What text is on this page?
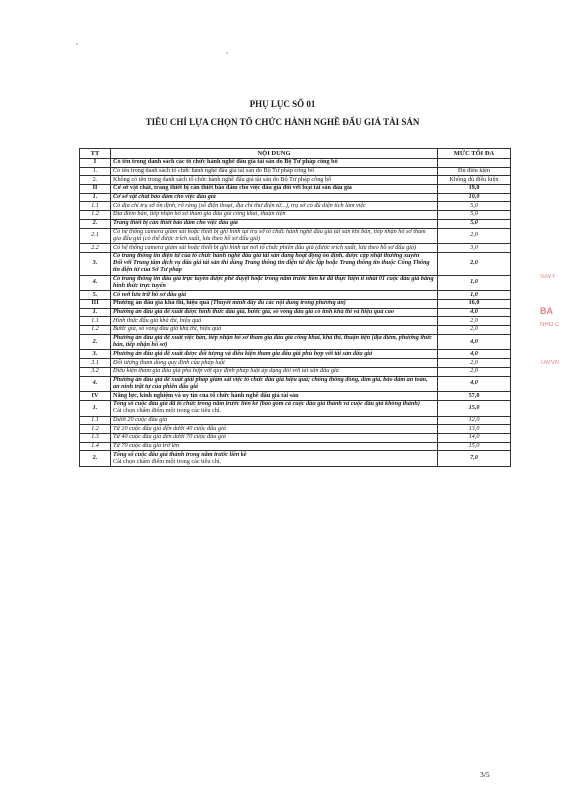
PHỤ LỤC SỐ 01
TIÊU CHÍ LỰA CHỌN TỔ CHỨC HÀNH NGHỀ ĐẤU GIÁ TÀI SẢN
TT	NỘI DUNG	MỨC TỐI ĐA
I	Có tên trong danh sách các tổ chức hành nghề đấu giá tài sản do Bộ Tư pháp công bố	
1.	Có tên trong danh sách tổ chức hành nghề đấu giá tài sản do Bộ Tư pháp công bố	Đủ điều kiện
2.	Không có tên trong danh sách tổ chức hành nghề đấu giá tài sản do Bộ Tư pháp công bố	Không đủ điều kiện
II	Cơ sở vật chất, trang thiết bị cần thiết bảo đảm cho việc đấu giá đối với loại tài sản đấu giá	19,0
1.	Cơ sở vật chất bảo đảm cho việc đấu giá	10,0
1.1	Có địa chỉ trụ sở ổn định, rõ ràng (số điện thoại, địa chỉ thư điện tử...), trụ sở có đủ diện tích làm việc	5,0
1.2	Địa điểm bán, tiếp nhận hồ sơ tham gia đấu giá công khai, thuận tiện	5,0
2.	Trang thiết bị cần thiết bảo đảm cho việc đấu giá	5,0
2.1	Có hệ thống camera giám sát hoặc thiết bị ghi hình tại trụ sở tổ chức hành nghề đấu giá tài sản khi bán, tiếp nhận hồ sơ tham gia đấu giá (có thể được trích xuất, lưu theo hồ sơ đấu giá)	2,0
2.2	Có hệ thống camera giám sát hoặc thiết bị ghi hình tại nơi tổ chức phiên đấu giá (được trích xuất, lưu theo hồ sơ đấu giá)	3,0
3.	Có trang thông tin điện tử của tổ chức hành nghề đấu giá tài sản đang hoạt động ổn định, được cập nhật thường xuyên
Đối với Trung tâm dịch vụ đấu giá tài sản thì dùng Trang thông tin điện tử độc lập hoặc Trang thông tin thuộc Cổng Thông tin điện tử của Sở Tư pháp	2,0
4.	Có trang thông tin đấu giá trực tuyến được phê duyệt hoặc trong năm trước liền kề đã thực hiện ít nhất 01 cuộc đấu giá bằng hình thức trực tuyến	1,0
5.	Có nơi lưu trữ hồ sơ đấu giá	1,0
III	Phương án đấu giá khả thi, hiệu quả (Thuyết minh đầy đủ các nội dung trong phương án)	16,0
1.	Phương án đấu giá đề xuất được hình thức đấu giá, bước giá, số vòng đấu giá có tính khả thi và hiệu quả cao	4,0
1.1	Hình thức đấu giá khả thi, hiệu quả	2,0
1.2	Bước giá, số vòng đấu giá khả thi, hiệu quả	2,0
2.	Phương án đấu giá đề xuất việc bán, tiếp nhận hồ sơ tham gia đấu giá công khai, khả thi, thuận tiện (địa điểm, phương thức bán, tiếp nhận hồ sơ)	4,0
3.	Phương án đấu giá đề xuất được đối tượng và điều kiện tham gia đấu giá phù hợp với tài sản đấu giá	4,0
3.1	Đối tượng tham dùng quy định của pháp luật	2,0
3.2	Điều kiện tham gia đấu giá phù hợp với quy định pháp luật áp dụng đối với tài sản đấu giá	2,0
4.	Phương án đấu giá đề xuất giải pháp giám sát việc tổ chức đấu giá hiệu quả; chống thông đồng, dìm giá, bảo đảm an toàn, an ninh trật tự của phiên đấu giá	4,0
IV	Năng lực, kinh nghiệm và uy tín của tổ chức hành nghề đấu giá tài sản	57,0
1.	Tổng số cuộc đấu giá đã tổ chức trong năm trước liền kề (bao gồm cả cuộc đấu giá thành và cuộc đấu giá không thành)
Cái chọn chấm điểm một trong các tiêu chí.	15,0
1.1	Dưới 20 cuộc đấu giá	12,0
1.2	Từ 20 cuộc đấu giá đến dưới 40 cuộc đấu giá	13,0
1.3	Từ 40 cuộc đấu giá đến dưới 70 cuộc đấu giá	14,0
1.4	Từ 70 cuộc đấu giá trở lên	15,0
2.	Tổng số cuộc đấu giá thành trong năm trước liền kề
Cái chọn chấm điểm một trong các tiêu chí.	7,0
3/5
SAVY
BA
NHỎ C
TAVVN
